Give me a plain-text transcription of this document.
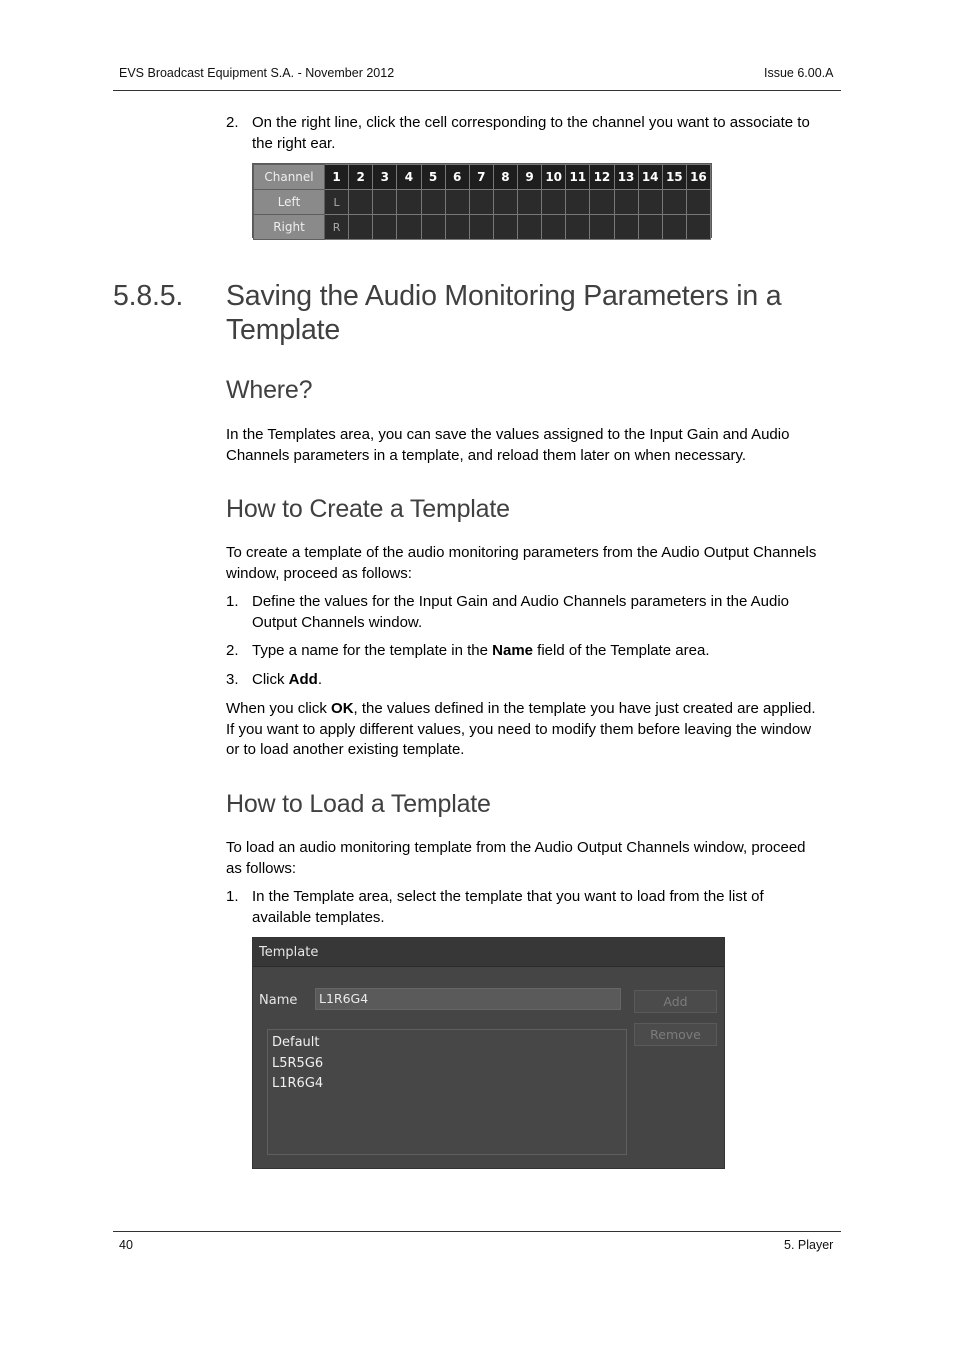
EVS Broadcast Equipment S.A. - November 2012	Issue 6.00.A
2. On the right line, click the cell corresponding to the channel you want to associate to
the right ear.
Channel	1	2	3	4	5	6	7	8	9	10	11	12	13	14	15	16
Left	L															
Right	R															
5.8.5. Saving the Audio Monitoring Parameters in a
Template
Where?
In the Templates area, you can save the values assigned to the Input Gain and Audio
Channels parameters in a template, and reload them later on when necessary.
How to Create a Template
To create a template of the audio monitoring parameters from the Audio Output Channels
window, proceed as follows:
1. Define the values for the Input Gain and Audio Channels parameters in the Audio
Output Channels window.
2. Type a name for the template in the Name field of the Template area.
3. Click Add.
When you click OK, the values defined in the template you have just created are applied.
If you want to apply different values, you need to modify them before leaving the window
or to load another existing template.
How to Load a Template
To load an audio monitoring template from the Audio Output Channels window, proceed
as follows:
1. In the Template area, select the template that you want to load from the list of
available templates.
Template
Name	L1R6G4	Add
Remove
Default
L5R5G6
L1R6G4
40	5. Player
